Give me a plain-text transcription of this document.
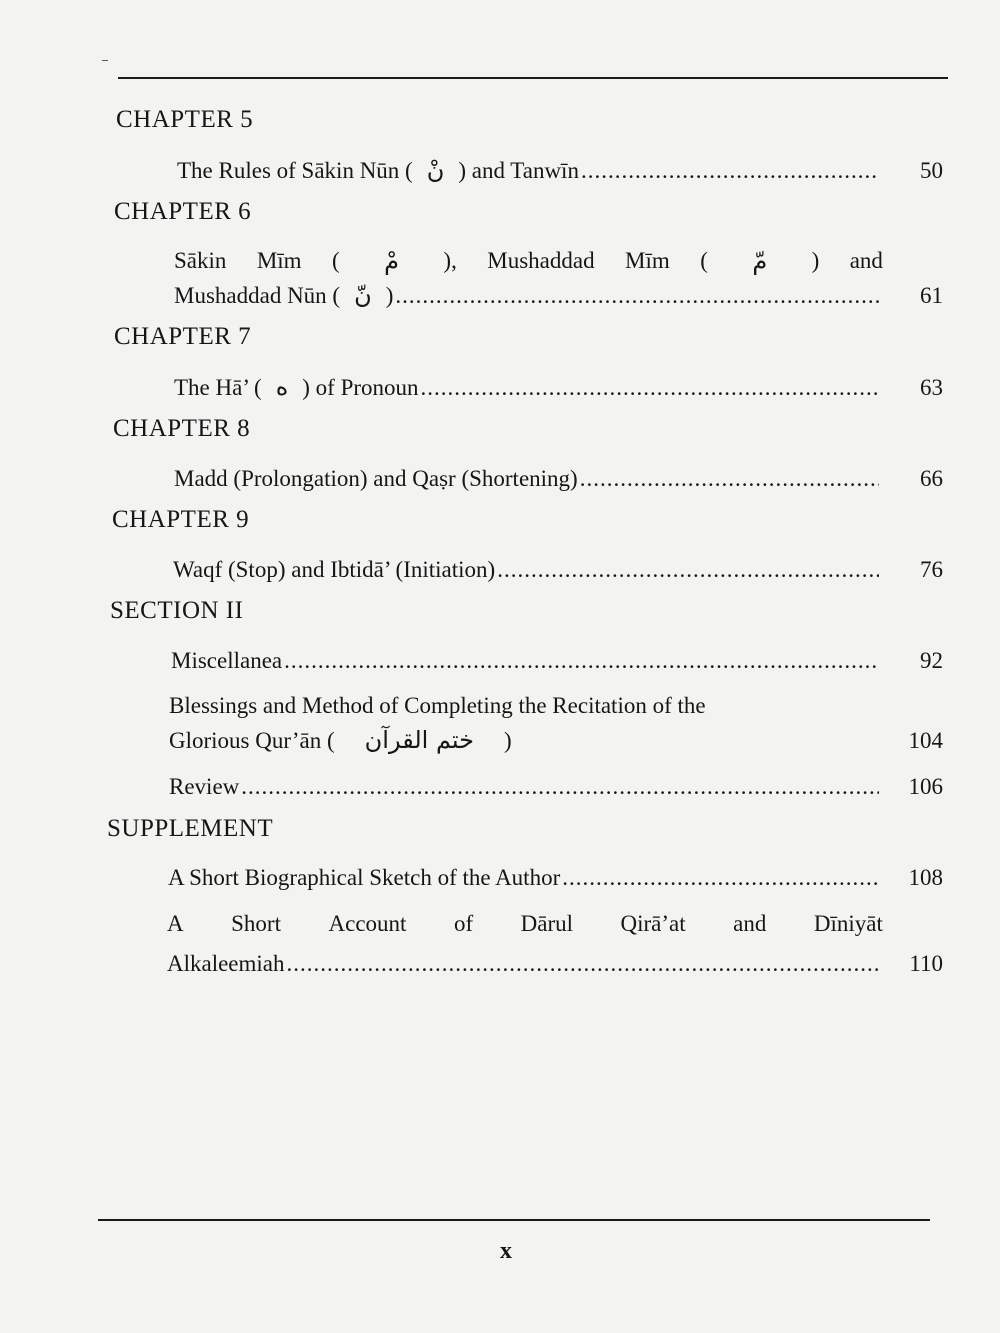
CHAPTER 5
The Rules of Sākin Nūn ( نْ ) and Tanwīn .....	50
CHAPTER 6
Sākin Mīm (	مْ	), Mushaddad Mīm (	مّ	) and
Mushaddad Nūn ( نّ ) .....	61
CHAPTER 7
The Hā’ ( ه ) of Pronoun .....	63
CHAPTER 8
Madd (Prolongation) and Qaṣr (Shortening) .....	66
CHAPTER 9
Waqf (Stop) and Ibtidā’ (Initiation) .....	76
SECTION II
Miscellanea .....	92
Blessings and Method of Completing the Recitation of the
Glorious Qur’ān (	ختم القرآن	)	104
Review .....	106
SUPPLEMENT
A Short Biographical Sketch of the Author .....	108
A Short Account of Dārul Qirā’at and Dīniyāt
Alkaleemiah .....	110
x
